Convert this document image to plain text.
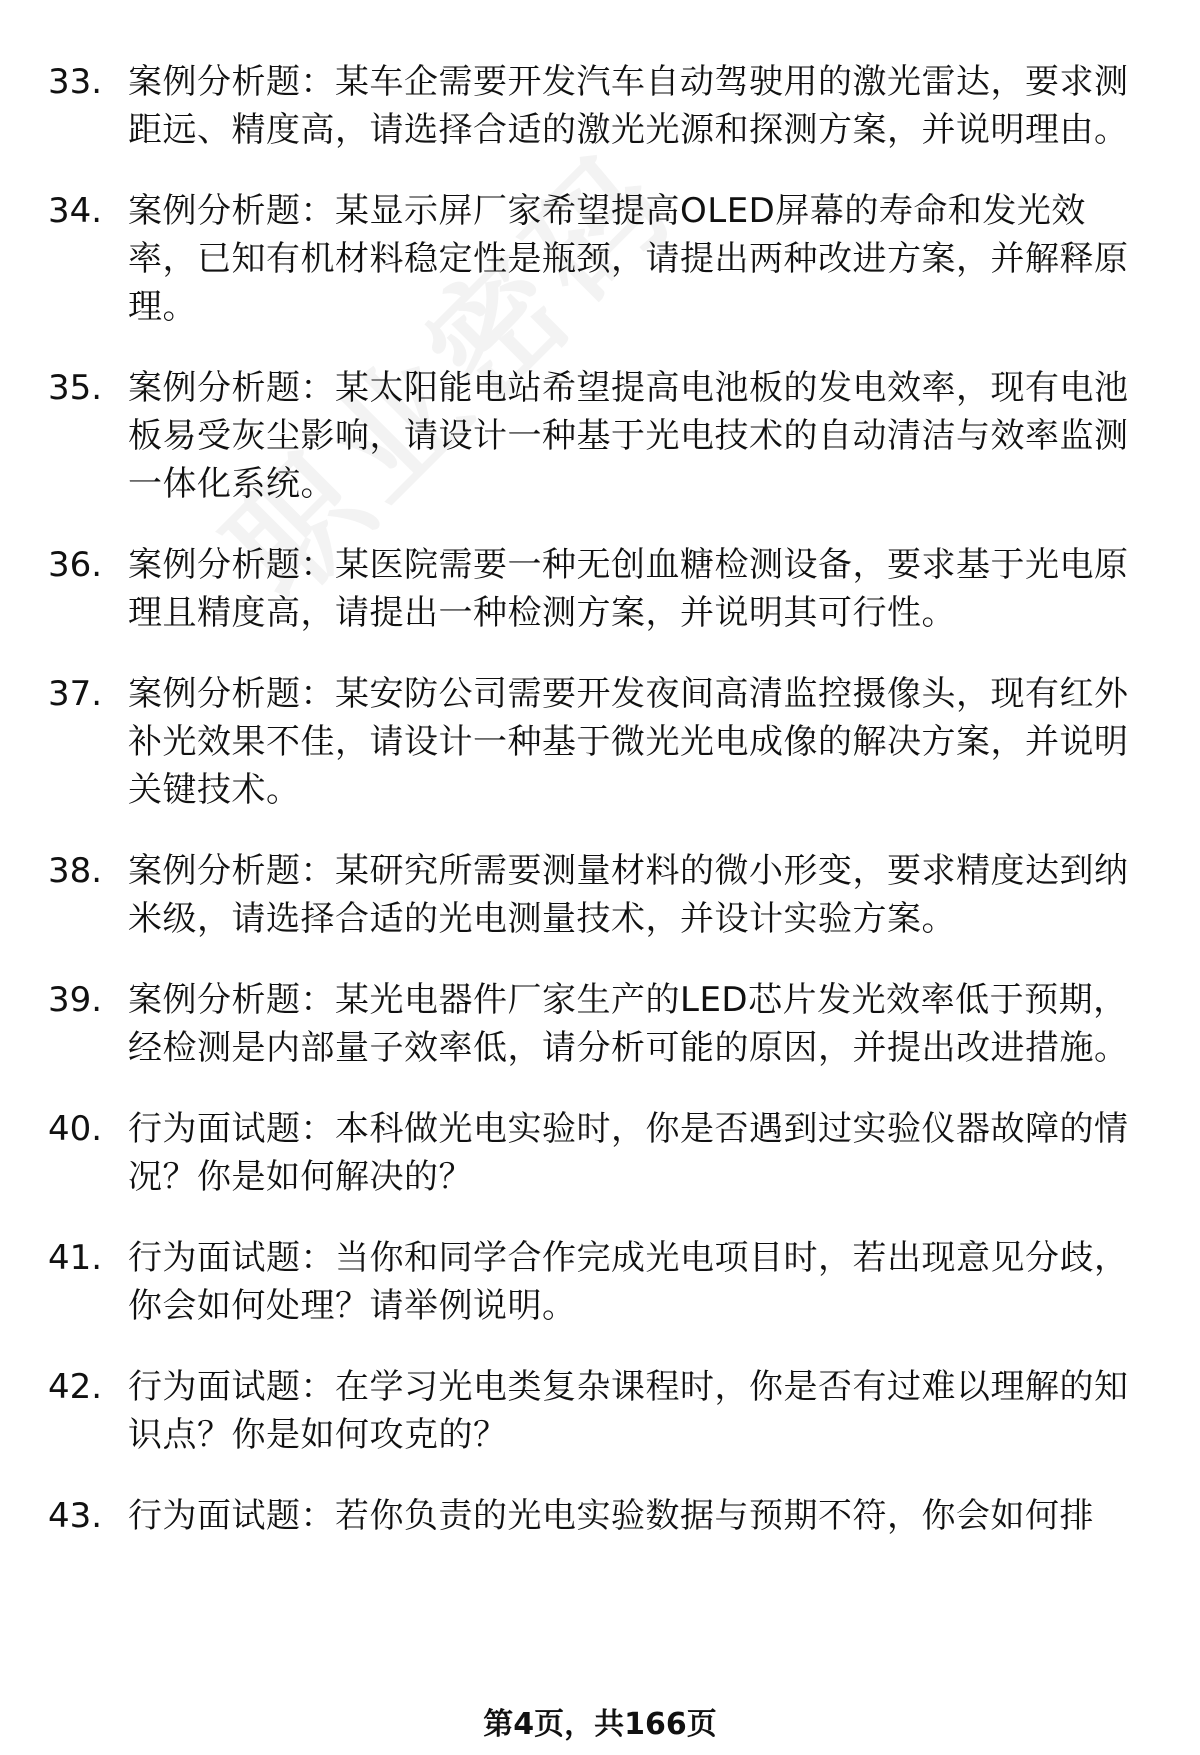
33. 案例分析题：某车企需要开发汽车自动驾驶用的激光雷达，要求测距远、精度高，请选择合适的激光光源和探测方案，并说明理由。
34. 案例分析题：某显示屏厂家希望提高OLED屏幕的寿命和发光效率，已知有机材料稳定性是瓶颈，请提出两种改进方案，并解释原理。
35. 案例分析题：某太阳能电站希望提高电池板的发电效率，现有电池板易受灰尘影响，请设计一种基于光电技术的自动清洁与效率监测一体化系统。
36. 案例分析题：某医院需要一种无创血糖检测设备，要求基于光电原理且精度高，请提出一种检测方案，并说明其可行性。
37. 案例分析题：某安防公司需要开发夜间高清监控摄像头，现有红外补光效果不佳，请设计一种基于微光光电成像的解决方案，并说明关键技术。
38. 案例分析题：某研究所需要测量材料的微小形变，要求精度达到纳米级，请选择合适的光电测量技术，并设计实验方案。
39. 案例分析题：某光电器件厂家生产的LED芯片发光效率低于预期，经检测是内部量子效率低，请分析可能的原因，并提出改进措施。
40. 行为面试题：本科做光电实验时，你是否遇到过实验仪器故障的情况？你是如何解决的？
41. 行为面试题：当你和同学合作完成光电项目时，若出现意见分歧，你会如何处理？请举例说明。
42. 行为面试题：在学习光电类复杂课程时，你是否有过难以理解的知识点？你是如何攻克的？
43. 行为面试题：若你负责的光电实验数据与预期不符，你会如何排
第4页，共166页
